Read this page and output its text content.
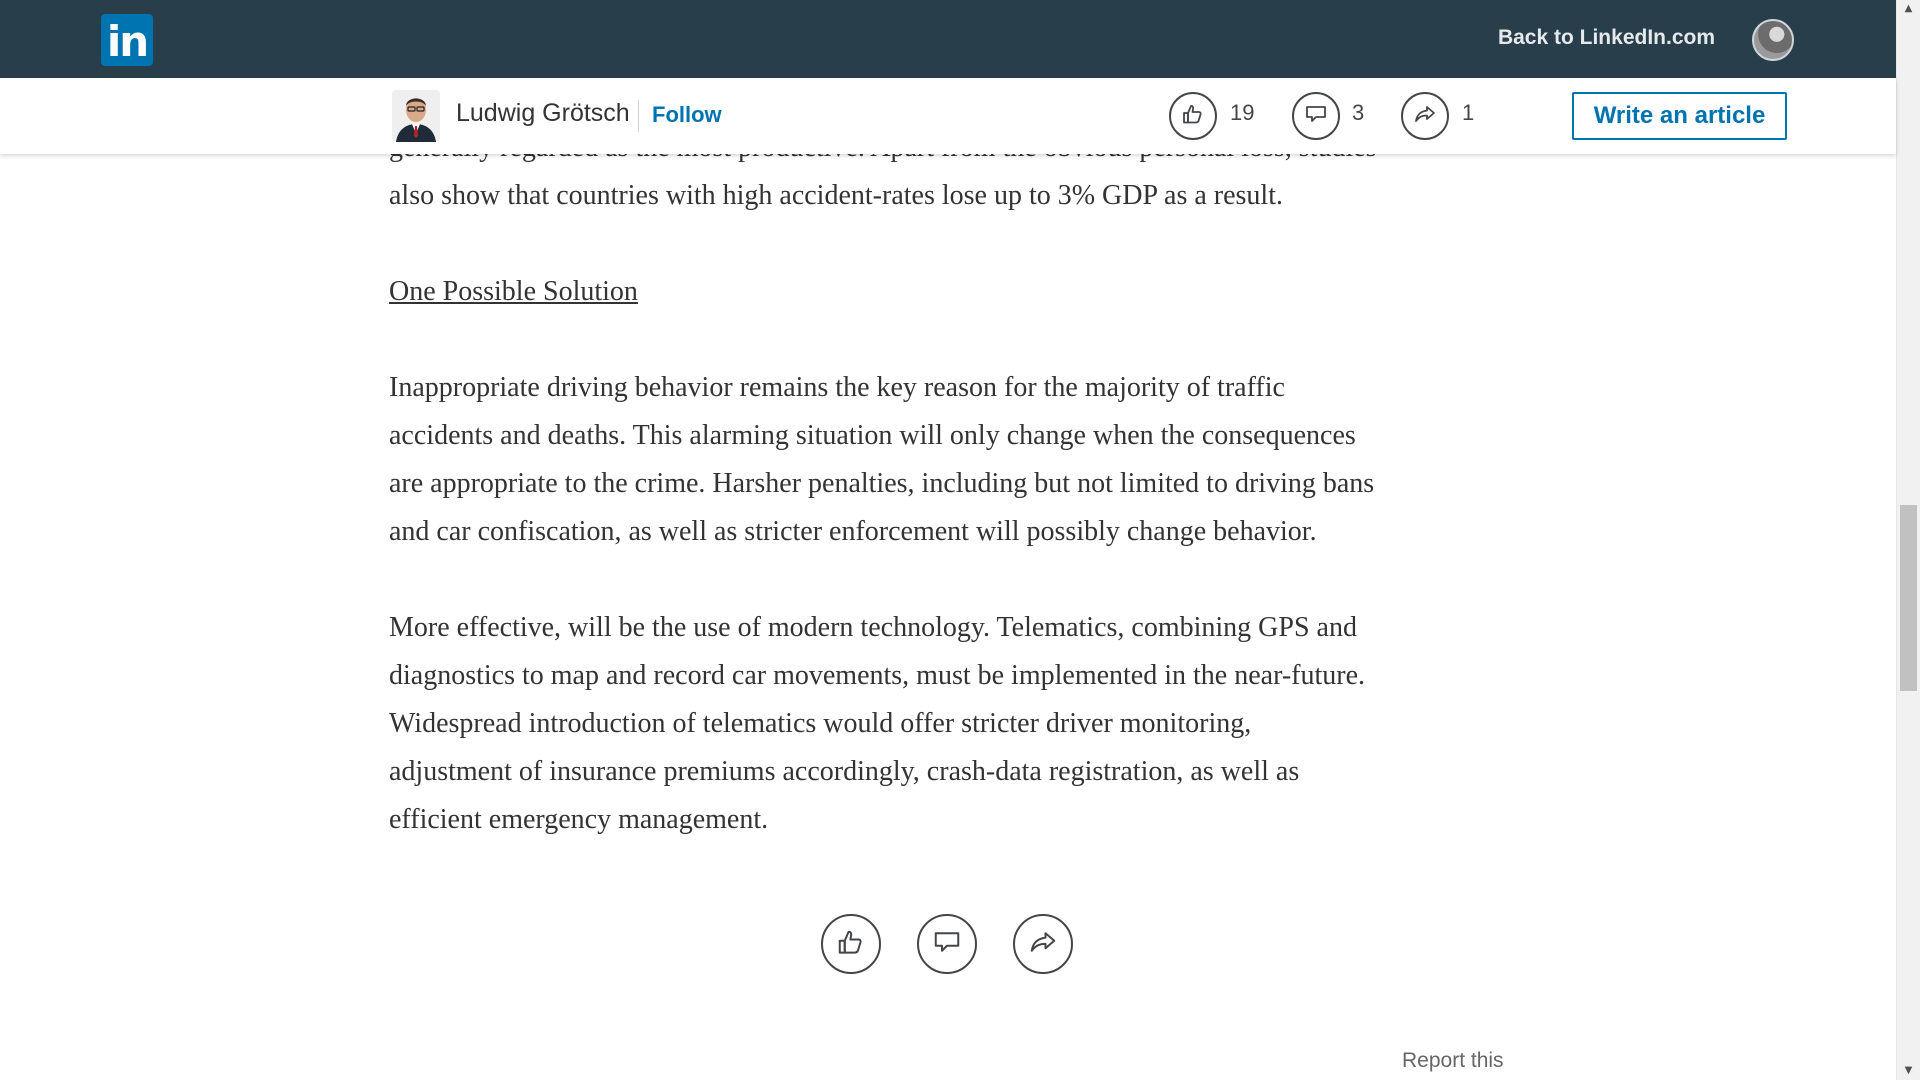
in	Back to LinkedIn.com
Ludwig Grötsch Follow	19	3	1	Write an article

also show that countries with high accident-rates lose up to 3% GDP as a result.

One Possible Solution

Inappropriate driving behavior remains the key reason for the majority of traffic

accidents and deaths. This alarming situation will only change when the consequences

are appropriate to the crime. Harsher penalties, including but not limited to driving bans

and car confiscation, as well as stricter enforcement will possibly change behavior.

More effective, will be the use of modern technology. Telematics, combining GPS and

diagnostics to map and record car movements, must be implemented in the near-future.

Widespread introduction of telematics would offer stricter driver monitoring,

adjustment of insurance premiums accordingly, crash-data registration, as well as

efficient emergency management.

Report this
▲
▼
